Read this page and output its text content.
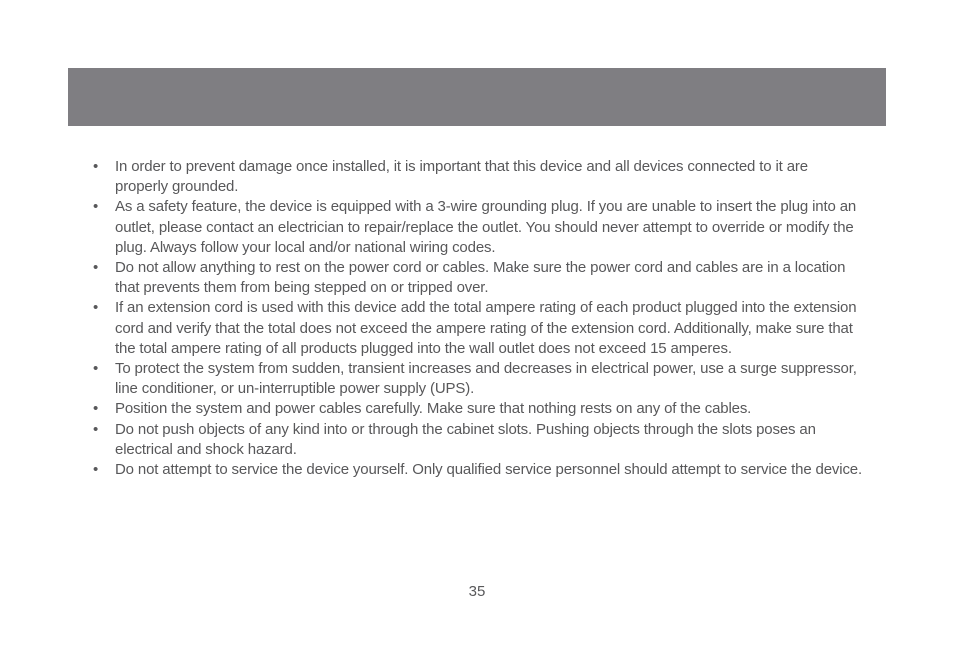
• In order to prevent damage once installed, it is important that this device and all devices connected to it are properly grounded.
• As a safety feature, the device is equipped with a 3-wire grounding plug. If you are unable to insert the plug into an outlet, please contact an electrician to repair/replace the outlet. You should never attempt to override or modify the plug. Always follow your local and/or national wiring codes.
• Do not allow anything to rest on the power cord or cables. Make sure the power cord and cables are in a location that prevents them from being stepped on or tripped over.
• If an extension cord is used with this device add the total ampere rating of each product plugged into the extension cord and verify that the total does not exceed the ampere rating of the extension cord. Additionally, make sure that the total ampere rating of all products plugged into the wall outlet does not exceed 15 amperes.
• To protect the system from sudden, transient increases and decreases in electrical power, use a surge suppressor, line conditioner, or un-interruptible power supply (UPS).
• Position the system and power cables carefully. Make sure that nothing rests on any of the cables.
• Do not push objects of any kind into or through the cabinet slots. Pushing objects through the slots poses an electrical and shock hazard.
• Do not attempt to service the device yourself. Only qualified service personnel should attempt to service the device.
35
